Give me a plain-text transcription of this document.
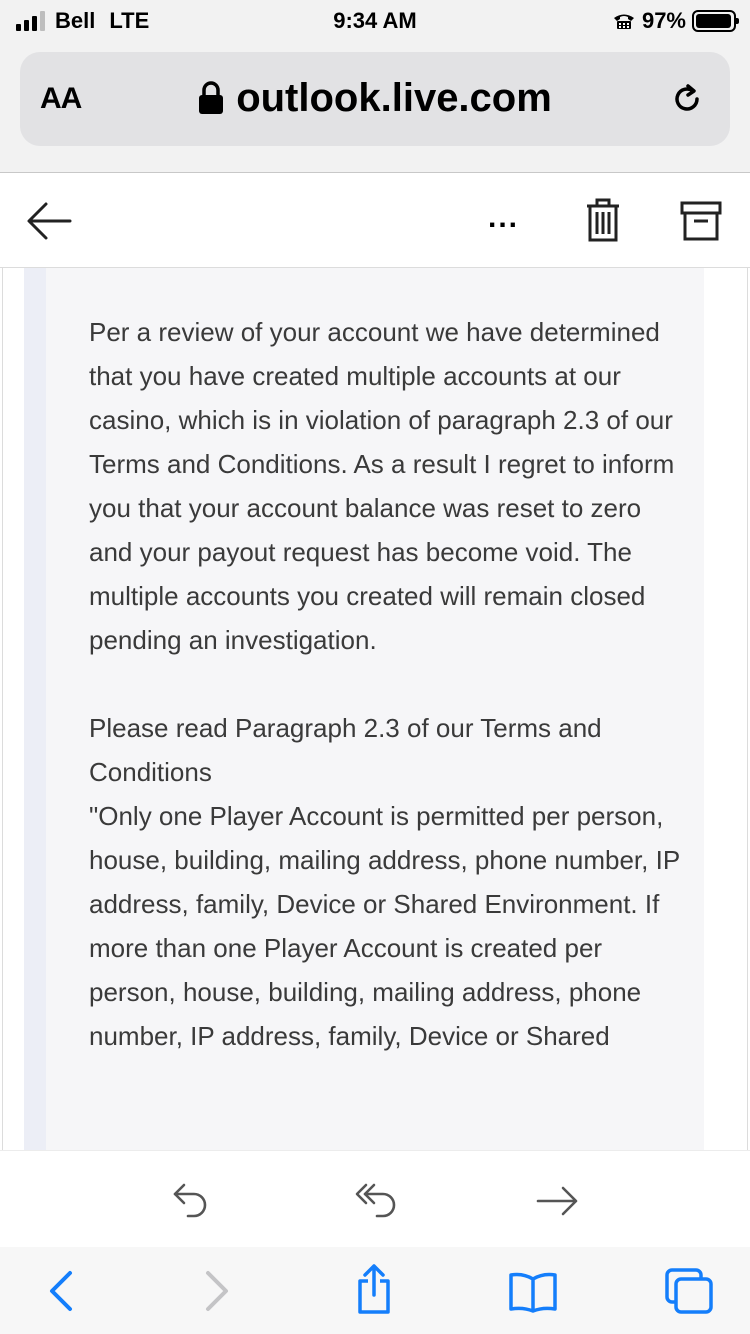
Bell LTE	9:34 AM	97%
AA	outlook.live.com
...

Per a review of your account we have determined that you have created multiple accounts at our casino, which is in violation of paragraph 2.3 of our Terms and Conditions. As a result I regret to inform you that your account balance was reset to zero and your payout request has become void. The multiple accounts you created will remain closed pending an investigation.

Please read Paragraph 2.3 of our Terms and Conditions

"Only one Player Account is permitted per person, house, building, mailing address, phone number, IP address, family, Device or Shared Environment. If more than one Player Account is created per person, house, building, mailing address, phone number, IP address, family, Device or Shared
